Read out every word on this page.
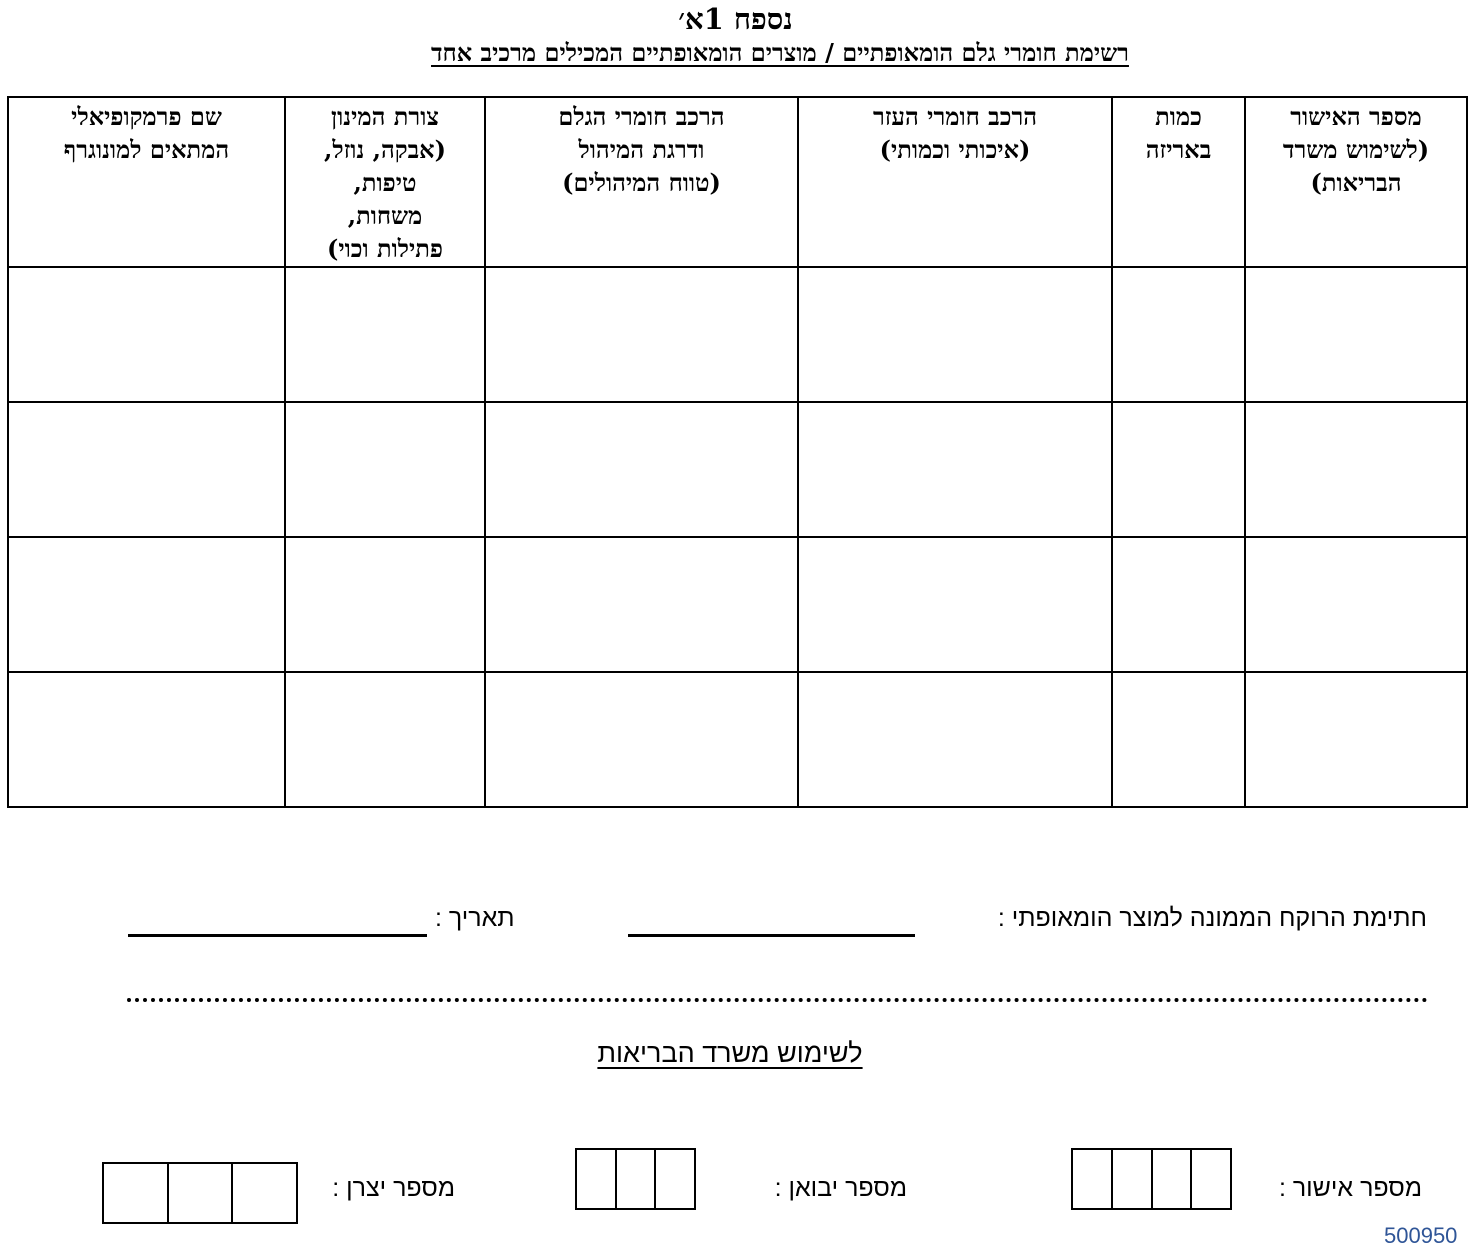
נספח 1א׳
רשימת חומרי גלם הומאופתיים / מוצרים הומאופתיים המכילים מרכיב אחד
מספר האישור
(לשימוש משרד
הבריאות)	כמות
באריזה	הרכב חומרי העזר
(איכותי וכמותי)	הרכב חומרי הגלם
ודרגת המיהול
(טווח המיהולים)	צורת המינון
(אבקה, נוזל,
טיפות,
משחות,
פתילות וכוי)	שם פרמקופיאלי
המתאים למונוגרף

חתימת הרוקח הממונה למוצר הומאופתי :
תאריך :
לשימוש משרד הבריאות
מספר אישור :
מספר יבואן :
מספר יצרן :
500950
